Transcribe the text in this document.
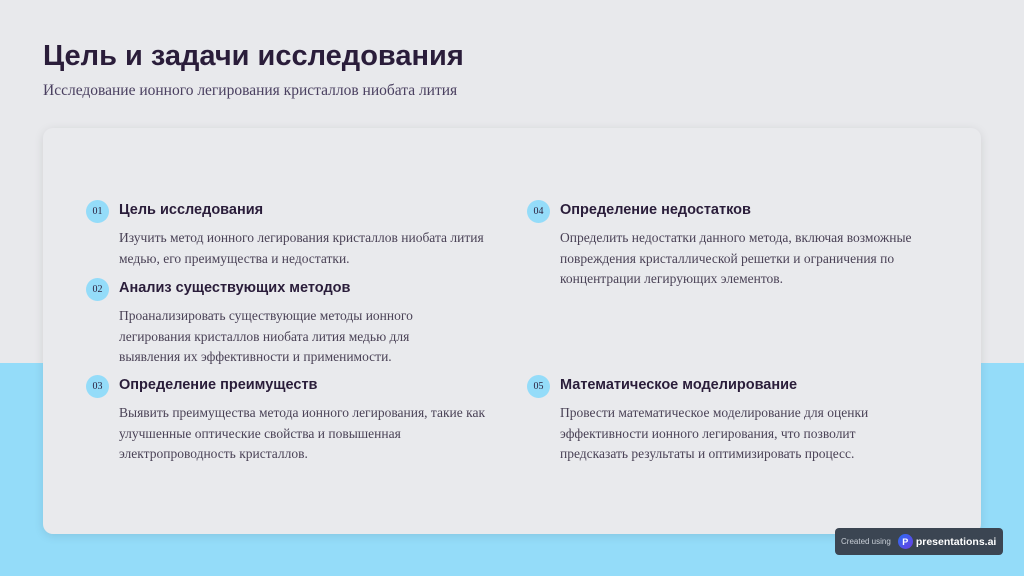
Цель и задачи исследования
Исследование ионного легирования кристаллов ниобата лития
01	Цель исследования
Изучить метод ионного легирования кристаллов ниобата лития медью, его преимущества и недостатки.
02	Анализ существующих методов
Проанализировать существующие методы ионного легирования кристаллов ниобата лития медью для выявления их эффективности и применимости.
03	Определение преимуществ
Выявить преимущества метода ионного легирования, такие как улучшенные оптические свойства и повышенная электропроводность кристаллов.
04	Определение недостатков
Определить недостатки данного метода, включая возможные повреждения кристаллической решетки и ограничения по концентрации легирующих элементов.
05	Математическое моделирование
Провести математическое моделирование для оценки эффективности ионного легирования, что позволит предсказать результаты и оптимизировать процесс.
Created using	P presentations.ai
